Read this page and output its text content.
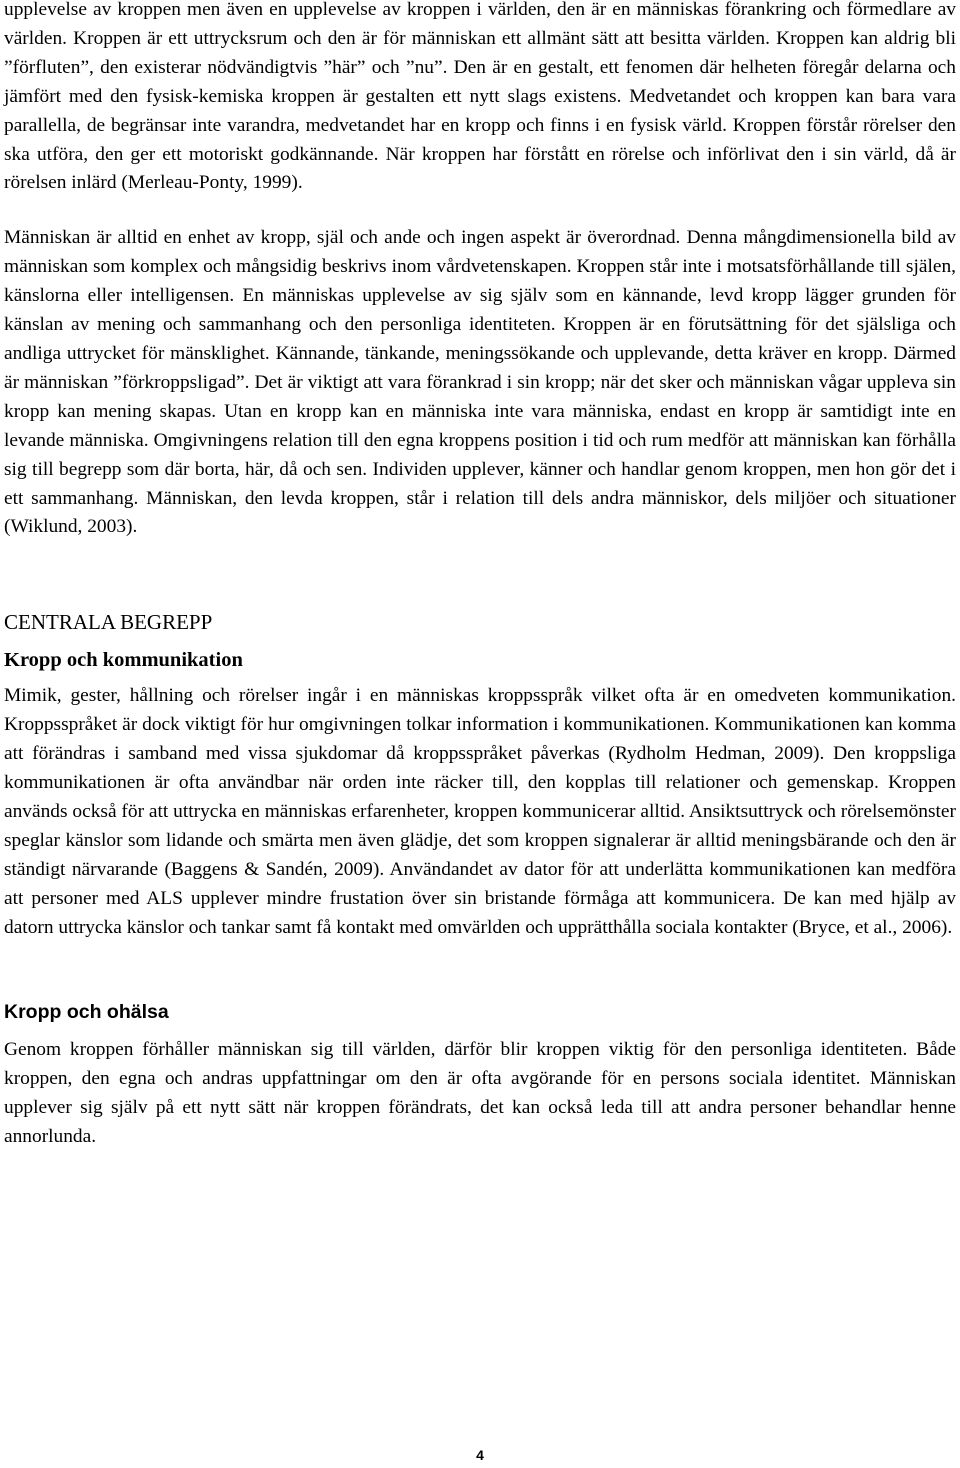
upplevelse av kroppen men även en upplevelse av kroppen i världen, den är en människas förankring och förmedlare av världen. Kroppen är ett uttrycksrum och den är för människan ett allmänt sätt att besitta världen. Kroppen kan aldrig bli ”förfluten”, den existerar nödvändigtvis ”här” och ”nu”. Den är en gestalt, ett fenomen där helheten föregår delarna och jämfört med den fysisk-kemiska kroppen är gestalten ett nytt slags existens. Medvetandet och kroppen kan bara vara parallella, de begränsar inte varandra, medvetandet har en kropp och finns i en fysisk värld. Kroppen förstår rörelser den ska utföra, den ger ett motoriskt godkännande. När kroppen har förstått en rörelse och införlivat den i sin värld, då är rörelsen inlärd (Merleau-Ponty, 1999).

Människan är alltid en enhet av kropp, själ och ande och ingen aspekt är överordnad. Denna mångdimensionella bild av människan som komplex och mångsidig beskrivs inom vårdvetenskapen. Kroppen står inte i motsatsförhållande till själen, känslorna eller intelligensen. En människas upplevelse av sig själv som en kännande, levd kropp lägger grunden för känslan av mening och sammanhang och den personliga identiteten. Kroppen är en förutsättning för det själsliga och andliga uttrycket för mänsklighet. Kännande, tänkande, meningssökande och upplevande, detta kräver en kropp. Därmed är människan ”förkroppsligad”. Det är viktigt att vara förankrad i sin kropp; när det sker och människan vågar uppleva sin kropp kan mening skapas. Utan en kropp kan en människa inte vara människa, endast en kropp är samtidigt inte en levande människa. Omgivningens relation till den egna kroppens position i tid och rum medför att människan kan förhålla sig till begrepp som där borta, här, då och sen. Individen upplever, känner och handlar genom kroppen, men hon gör det i ett sammanhang. Människan, den levda kroppen, står i relation till dels andra människor, dels miljöer och situationer (Wiklund, 2003).

CENTRALA BEGREPP
Kropp och kommunikation

Mimik, gester, hållning och rörelser ingår i en människas kroppsspråk vilket ofta är en omedveten kommunikation. Kroppsspråket är dock viktigt för hur omgivningen tolkar information i kommunikationen. Kommunikationen kan komma att förändras i samband med vissa sjukdomar då kroppsspråket påverkas (Rydholm Hedman, 2009). Den kroppsliga kommunikationen är ofta användbar när orden inte räcker till, den kopplas till relationer och gemenskap. Kroppen används också för att uttrycka en människas erfarenheter, kroppen kommunicerar alltid. Ansiktsuttryck och rörelsemönster speglar känslor som lidande och smärta men även glädje, det som kroppen signalerar är alltid meningsbärande och den är ständigt närvarande (Baggens & Sandén, 2009). Användandet av dator för att underlätta kommunikationen kan medföra att personer med ALS upplever mindre frustation över sin bristande förmåga att kommunicera. De kan med hjälp av datorn uttrycka känslor och tankar samt få kontakt med omvärlden och upprätthålla sociala kontakter (Bryce, et al., 2006).

Kropp och ohälsa

Genom kroppen förhåller människan sig till världen, därför blir kroppen viktig för den personliga identiteten. Både kroppen, den egna och andras uppfattningar om den är ofta avgörande för en persons sociala identitet. Människan upplever sig själv på ett nytt sätt när kroppen förändrats, det kan också leda till att andra personer behandlar henne annorlunda.

4
